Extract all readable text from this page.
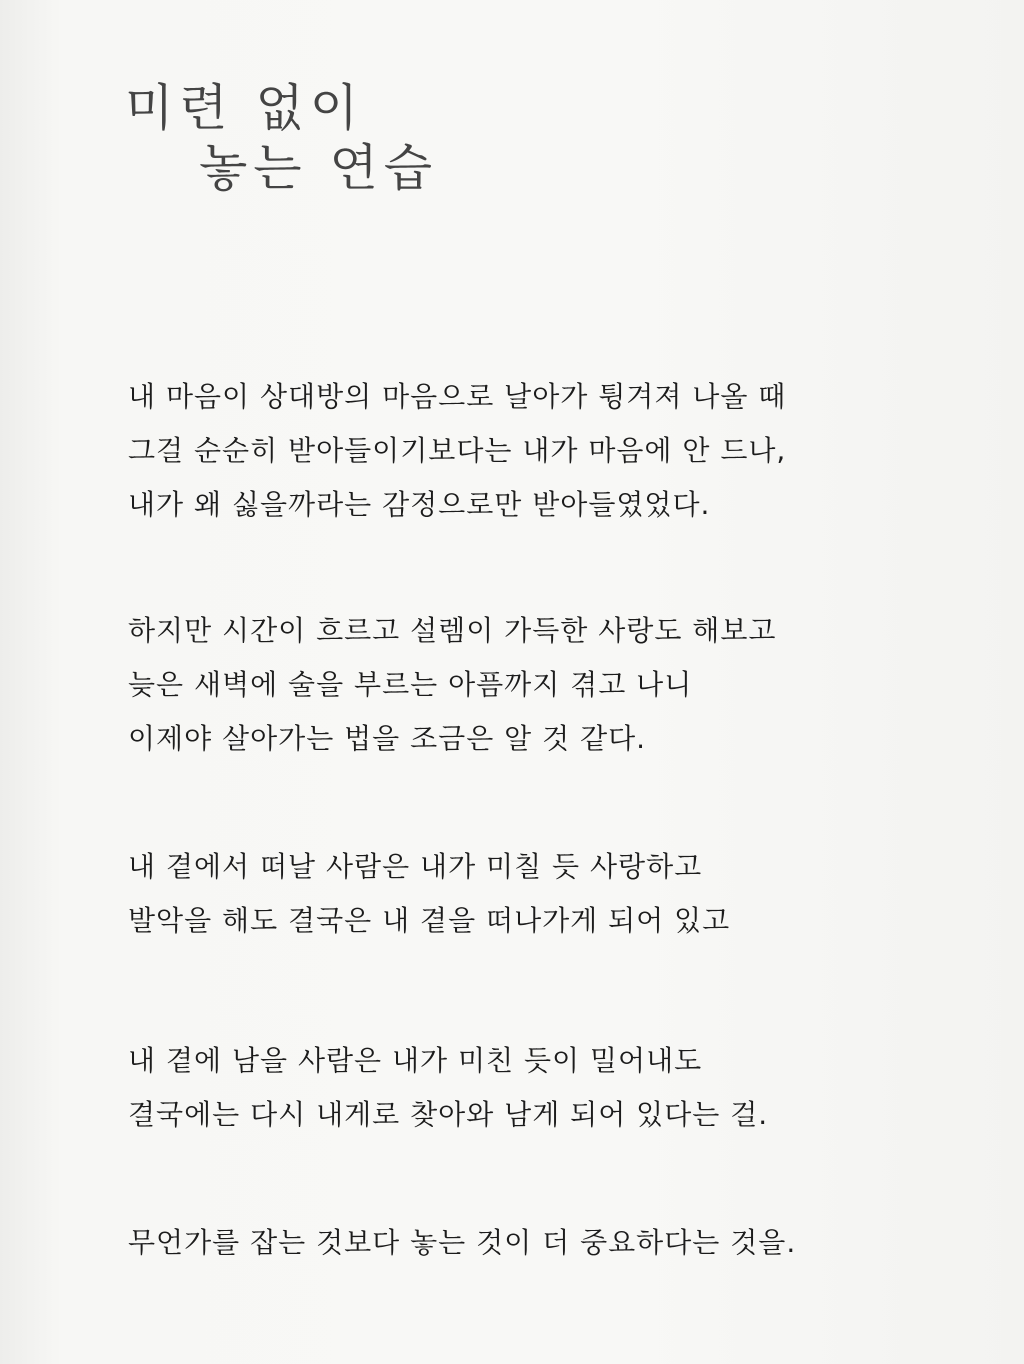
미련 없이
놓는 연습
내 마음이 상대방의 마음으로 날아가 튕겨져 나올 때
그걸 순순히 받아들이기보다는 내가 마음에 안 드나,
내가 왜 싫을까라는 감정으로만 받아들였었다.
하지만 시간이 흐르고 설렘이 가득한 사랑도 해보고
늦은 새벽에 술을 부르는 아픔까지 겪고 나니
이제야 살아가는 법을 조금은 알 것 같다.
내 곁에서 떠날 사람은 내가 미칠 듯 사랑하고
발악을 해도 결국은 내 곁을 떠나가게 되어 있고
내 곁에 남을 사람은 내가 미친 듯이 밀어내도
결국에는 다시 내게로 찾아와 남게 되어 있다는 걸.
무언가를 잡는 것보다 놓는 것이 더 중요하다는 것을.
